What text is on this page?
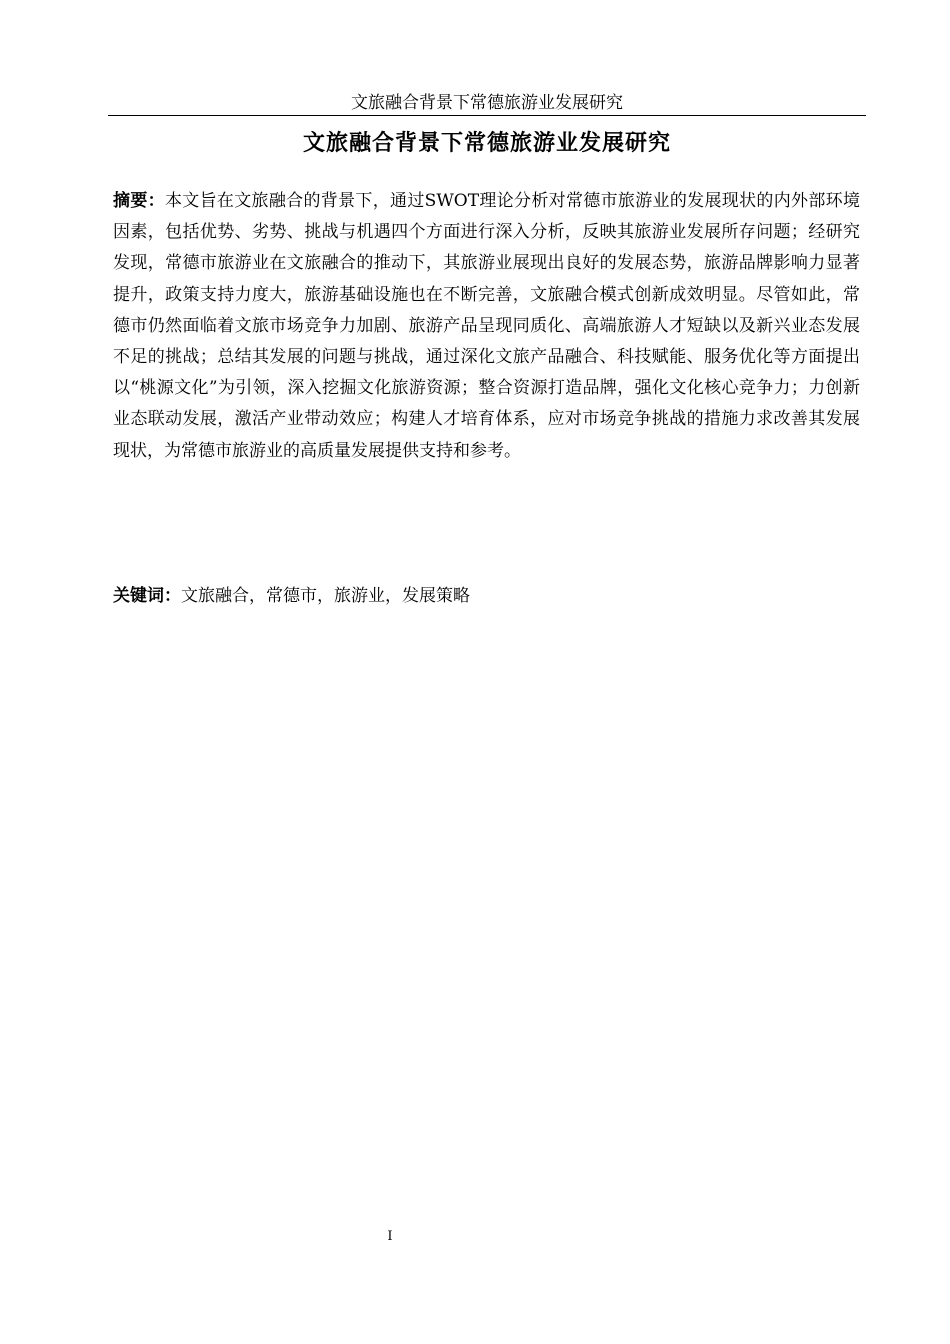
文旅融合背景下常德旅游业发展研究
文旅融合背景下常德旅游业发展研究

摘要：本文旨在文旅融合的背景下，通过SWOT理论分析对常德市旅游业的发展现状的内外部环境因素，包括优势、劣势、挑战与机遇四个方面进行深入分析，反映其旅游业发展所存问题；经研究发现，常德市旅游业在文旅融合的推动下，其旅游业展现出良好的发展态势，旅游品牌影响力显著提升，政策支持力度大，旅游基础设施也在不断完善，文旅融合模式创新成效明显。尽管如此，常德市仍然面临着文旅市场竞争力加剧、旅游产品呈现同质化、高端旅游人才短缺以及新兴业态发展不足的挑战；总结其发展的问题与挑战，通过深化文旅产品融合、科技赋能、服务优化等方面提出以“桃源文化”为引领，深入挖掘文化旅游资源；整合资源打造品牌，强化文化核心竞争力；力创新业态联动发展，激活产业带动效应；构建人才培育体系，应对市场竞争挑战的措施力求改善其发展现状，为常德市旅游业的高质量发展提供支持和参考。

关键词：文旅融合，常德市，旅游业，发展策略

I
